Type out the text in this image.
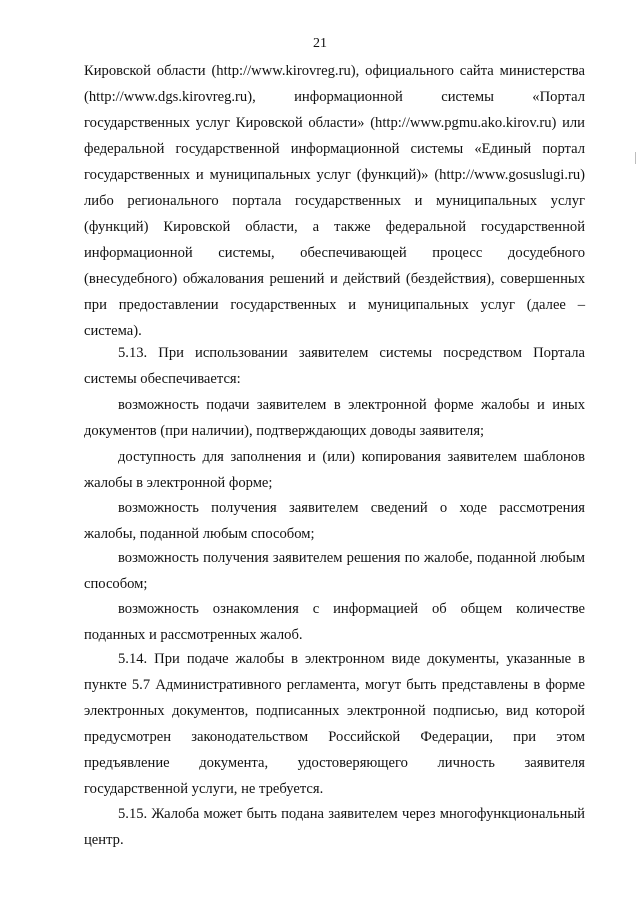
21

Кировской области (http://www.kirovreg.ru), официального сайта министерства (http://www.dgs.kirovreg.ru), информационной системы «Портал государственных услуг Кировской области» (http://www.pgmu.ako.kirov.ru) или федеральной государственной информационной системы «Единый портал государственных и муниципальных услуг (функций)» (http://www.gosuslugi.ru) либо регионального портала государственных и муниципальных услуг (функций) Кировской области, а также федеральной государственной информационной системы, обеспечивающей процесс досудебного (внесудебного) обжалования решений и действий (бездействия), совершенных при предоставлении государственных и муниципальных услуг (далее – система).

5.13. При использовании заявителем системы посредством Портала системы обеспечивается:

возможность подачи заявителем в электронной форме жалобы и иных документов (при наличии), подтверждающих доводы заявителя;

доступность для заполнения и (или) копирования заявителем шаблонов жалобы в электронной форме;

возможность получения заявителем сведений о ходе рассмотрения жалобы, поданной любым способом;

возможность получения заявителем решения по жалобе, поданной любым способом;

возможность ознакомления с информацией об общем количестве поданных и рассмотренных жалоб.

5.14. При подаче жалобы в электронном виде документы, указанные в пункте 5.7 Административного регламента, могут быть представлены в форме электронных документов, подписанных электронной подписью, вид которой предусмотрен законодательством Российской Федерации, при этом предъявление документа, удостоверяющего личность заявителя государственной услуги, не требуется.

5.15. Жалоба может быть подана заявителем через многофункциональный центр.
